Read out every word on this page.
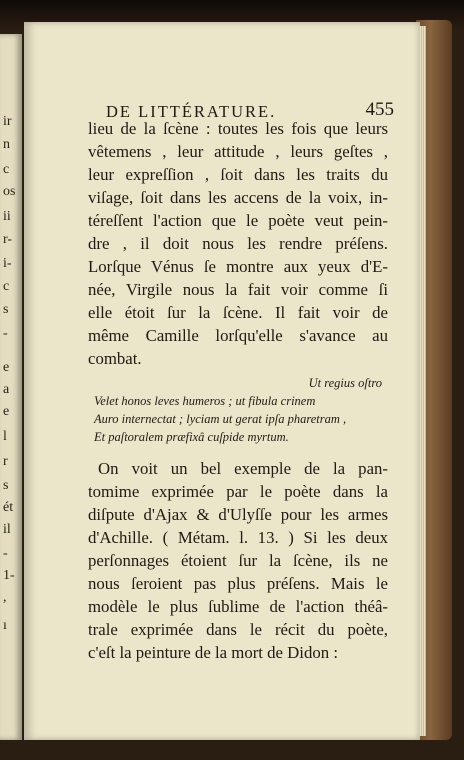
ir
n
c
os
ii
r-
i-
c
s
-
e
a
e
l
r
s
ét
il
-
1-
,
ı
DE LITTÉRATURE.	455
lieu de la ſcène : toutes les fois que leurs
vêtemens , leur attitude , leurs geſtes ,
leur expreſſion , ſoit dans les traits du
viſage, ſoit dans les accens de la voix, in-
téreſſent l'action que le poète veut pein-
dre , il doit nous les rendre préſens.
Lorſque Vénus ſe montre aux yeux d'E-
née, Virgile nous la fait voir comme ſi
elle étoit ſur la ſcène. Il fait voir de
même Camille lorſqu'elle s'avance au
combat.
Ut regius oſtro
Velet honos leves humeros ; ut fibula crinem
Auro internectat ; lyciam ut gerat ipſa pharetram ,
Et paſtoralem præfixâ cuſpide myrtum.
On voit un bel exemple de la pan-
tomime exprimée par le poète dans la
diſpute d'Ajax & d'Ulyſſe pour les armes
d'Achille. ( Métam. l. 13. ) Si les deux
perſonnages étoient ſur la ſcène, ils ne
nous ſeroient pas plus préſens. Mais le
modèle le plus ſublime de l'action théâ-
trale exprimée dans le récit du poète,
c'eſt la peinture de la mort de Didon :
